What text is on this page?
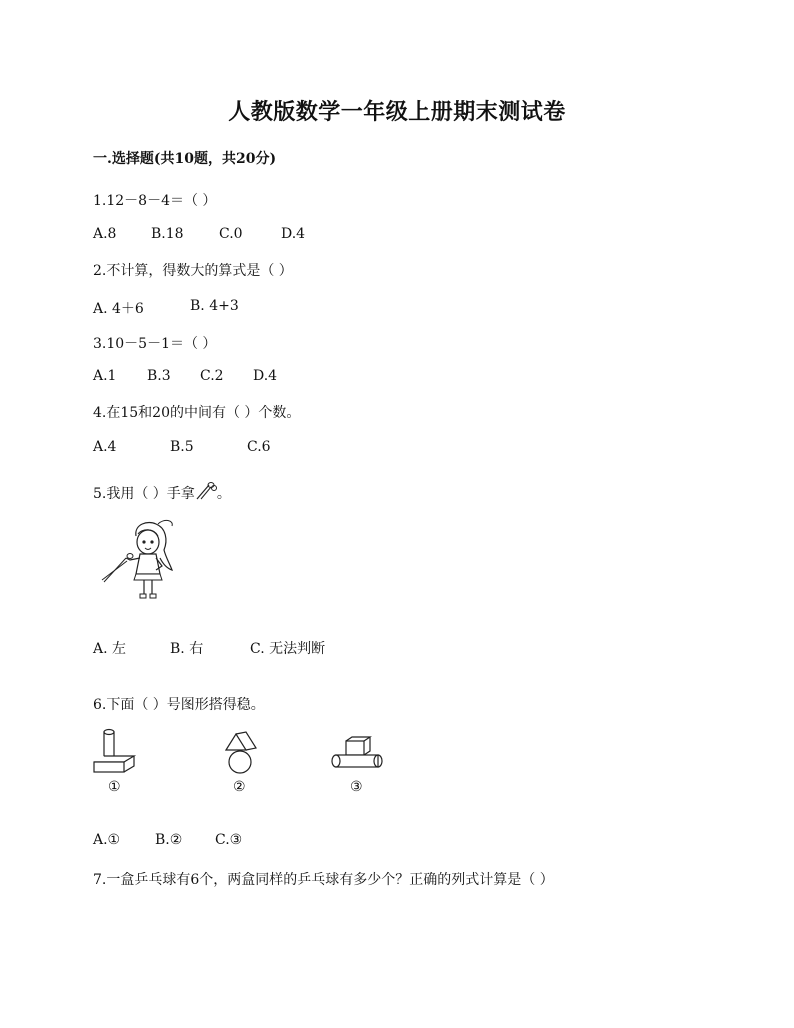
人教版数学一年级上册期末测试卷
一.选择题(共10题，共20分)
1.12－8－4＝（ ）
A.8 B.18	C.0	D.4
2.不计算，得数大的算式是（ ）
A. 4＋6	B. 4+3
3.10－5－1＝（ ）
A.1 B.3 C.2 D.4
4.在15和20的中间有（ ）个数。
A.4	B.5	C.6
5.我用（ ）手拿 。
A. 左	B. 右	C. 无法判断
6.下面（ ）号图形搭得稳。
①	②	③
A.① B.② C.③
7.一盒乒乓球有6个，两盒同样的乒乓球有多少个？正确的列式计算是（ ）
